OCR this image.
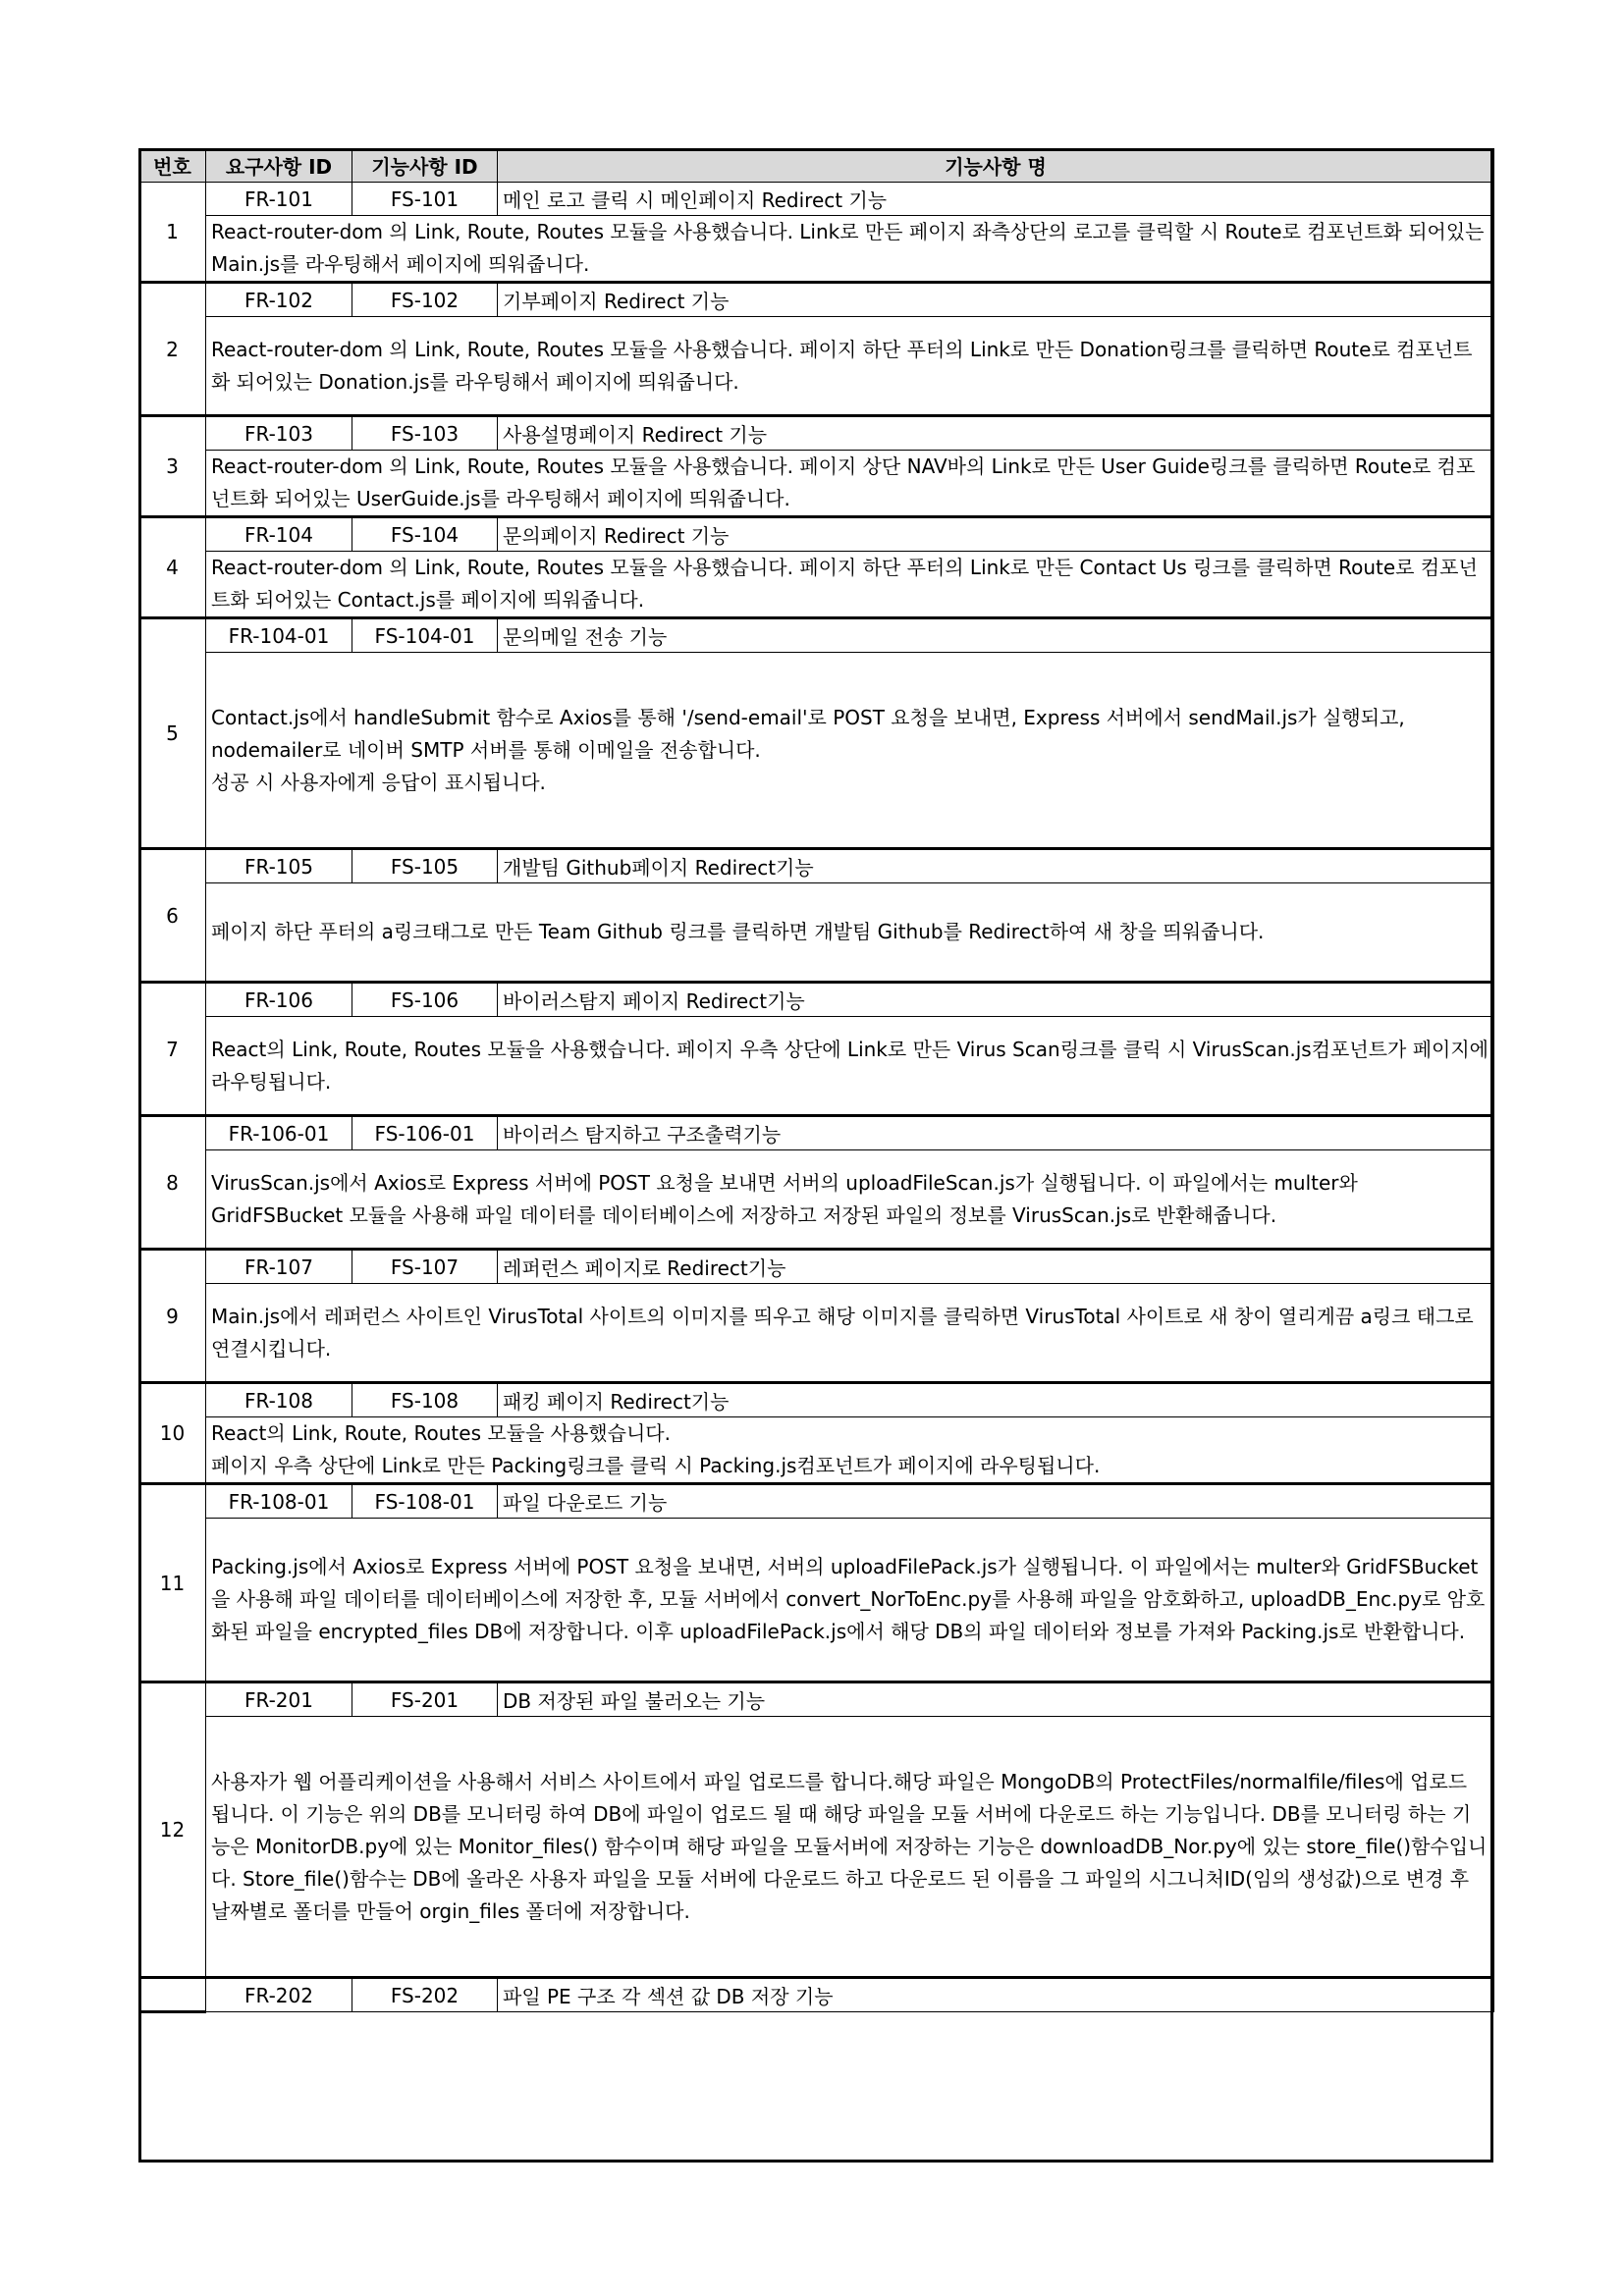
번호	요구사항 ID	기능사항 ID	기능사항 명
1	FR-101	FS-101	메인 로고 클릭 시 메인페이지 Redirect 기능
	React-router-dom 의 Link, Route, Routes 모듈을 사용했습니다. Link로 만든 페이지 좌측상단의 로고를 클릭할 시 Route로 컴포넌트화 되어있는 Main.js를 라우팅해서 페이지에 띄워줍니다.		
2	FR-102	FS-102	기부페이지 Redirect 기능
	React-router-dom 의 Link, Route, Routes 모듈을 사용했습니다. 페이지 하단 푸터의 Link로 만든 Donation링크를 클릭하면 Route로 컴포넌트화 되어있는 Donation.js를 라우팅해서 페이지에 띄워줍니다.		
3	FR-103	FS-103	사용설명페이지 Redirect 기능
	React-router-dom 의 Link, Route, Routes 모듈을 사용했습니다. 페이지 상단 NAV바의 Link로 만든 User Guide링크를 클릭하면 Route로 컴포넌트화 되어있는 UserGuide.js를 라우팅해서 페이지에 띄워줍니다.		
4	FR-104	FS-104	문의페이지 Redirect 기능
	React-router-dom 의 Link, Route, Routes 모듈을 사용했습니다. 페이지 하단 푸터의 Link로 만든 Contact Us 링크를 클릭하면 Route로 컴포넌트화 되어있는 Contact.js를 페이지에 띄워줍니다.		
5	FR-104-01	FS-104-01	문의메일 전송 기능
	Contact.js에서 handleSubmit 함수로 Axios를 통해 '/send-email'로 POST 요청을 보내면, Express 서버에서 sendMail.js가 실행되고, nodemailer로 네이버 SMTP 서버를 통해 이메일을 전송합니다.
성공 시 사용자에게 응답이 표시됩니다.		
6	FR-105	FS-105	개발팀 Github페이지 Redirect기능
	페이지 하단 푸터의 a링크태그로 만든 Team Github 링크를 클릭하면 개발팀 Github를 Redirect하여 새 창을 띄워줍니다.		
7	FR-106	FS-106	바이러스탐지 페이지 Redirect기능
	React의 Link, Route, Routes 모듈을 사용했습니다. 페이지 우측 상단에 Link로 만든 Virus Scan링크를 클릭 시 VirusScan.js컴포넌트가 페이지에 라우팅됩니다.		
8	FR-106-01	FS-106-01	바이러스 탐지하고 구조출력기능
	VirusScan.js에서 Axios로 Express 서버에 POST 요청을 보내면 서버의 uploadFileScan.js가 실행됩니다. 이 파일에서는 multer와 GridFSBucket 모듈을 사용해 파일 데이터를 데이터베이스에 저장하고 저장된 파일의 정보를 VirusScan.js로 반환해줍니다.		
9	FR-107	FS-107	레퍼런스 페이지로 Redirect기능
	Main.js에서 레퍼런스 사이트인 VirusTotal 사이트의 이미지를 띄우고 해당 이미지를 클릭하면 VirusTotal 사이트로 새 창이 열리게끔 a링크 태그로 연결시킵니다.		
10	FR-108	FS-108	패킹 페이지 Redirect기능
	React의 Link, Route, Routes 모듈을 사용했습니다.
페이지 우측 상단에 Link로 만든 Packing링크를 클릭 시 Packing.js컴포넌트가 페이지에 라우팅됩니다.		
11	FR-108-01	FS-108-01	파일 다운로드 기능
	Packing.js에서 Axios로 Express 서버에 POST 요청을 보내면, 서버의 uploadFilePack.js가 실행됩니다. 이 파일에서는 multer와 GridFSBucket을 사용해 파일 데이터를 데이터베이스에 저장한 후, 모듈 서버에서 convert_NorToEnc.py를 사용해 파일을 암호화하고, uploadDB_Enc.py로 암호화된 파일을 encrypted_files DB에 저장합니다. 이후 uploadFilePack.js에서 해당 DB의 파일 데이터와 정보를 가져와 Packing.js로 반환합니다.		
12	FR-201	FS-201	DB 저장된 파일 불러오는 기능
	사용자가 웹 어플리케이션을 사용해서 서비스 사이트에서 파일 업로드를 합니다.해당 파일은 MongoDB의 ProtectFiles/normalfile/files에 업로드 됩니다. 이 기능은 위의 DB를 모니터링 하여 DB에 파일이 업로드 될 때 해당 파일을 모듈 서버에 다운로드 하는 기능입니다. DB를 모니터링 하는 기능은 MonitorDB.py에 있는 Monitor_files() 함수이며 해당 파일을 모듈서버에 저장하는 기능은 downloadDB_Nor.py에 있는 store_file()함수입니다. Store_file()함수는 DB에 올라온 사용자 파일을 모듈 서버에 다운로드 하고 다운로드 된 이름을 그 파일의 시그니처ID(임의 생성값)으로 변경 후 날짜별로 폴더를 만들어 orgin_files 폴더에 저장합니다.		
	FR-202	FS-202	파일 PE 구조 각 섹션 값 DB 저장 기능
